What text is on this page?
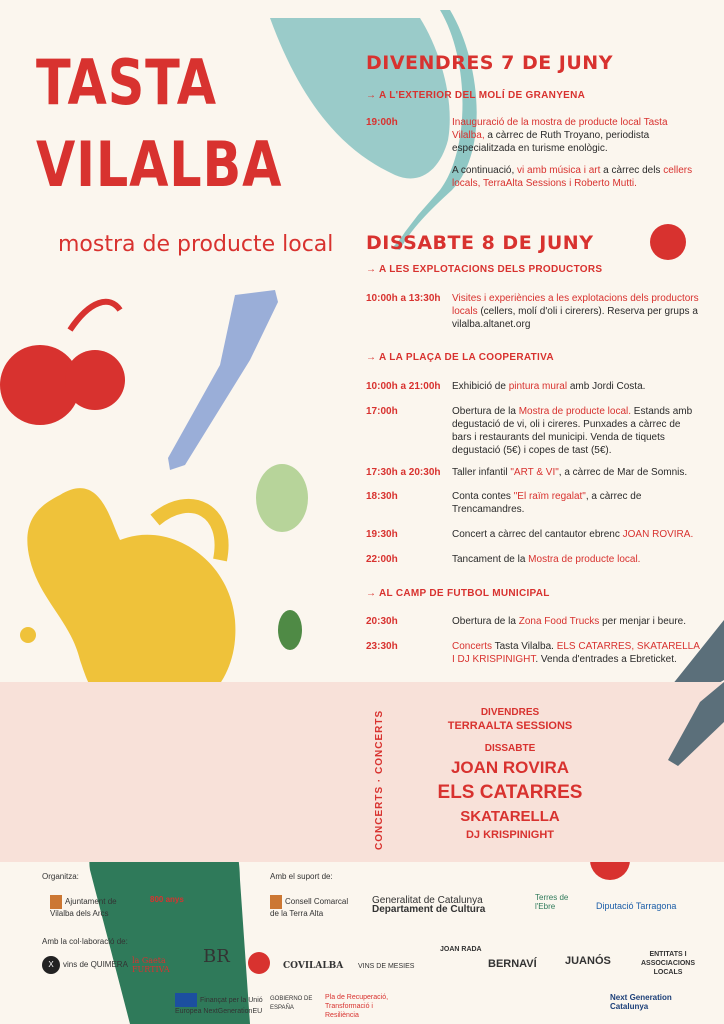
TASTA
VILALBA
mostra de producte local
DIVENDRES 7 DE JUNY
→ A L'EXTERIOR DEL MOLÍ DE GRANYENA
19:00h	Inauguració de la mostra de producte local Tasta Vilalba, a càrrec de Ruth Troyano, periodista especialitzada en turisme enològic.
A continuació, vi amb música i art a càrrec dels cellers locals, TerraAlta Sessions i Roberto Mutti.
DISSABTE 8 DE JUNY
→ A LES EXPLOTACIONS DELS PRODUCTORS
10:00h a 13:30h	Visites i experiències a les explotacions dels productors locals (cellers, molí d'oli i cirerers). Reserva per grups a vilalba.altanet.org
→ A LA PLAÇA DE LA COOPERATIVA
10:00h a 21:00h	Exhibició de pintura mural amb Jordi Costa.
17:00h	Obertura de la Mostra de producte local. Estands amb degustació de vi, oli i cireres. Punxades a càrrec de bars i restaurants del municipi. Venda de tiquets degustació (5€) i copes de tast (5€).
17:30h a 20:30h	Taller infantil "ART & VI", a càrrec de Mar de Somnis.
18:30h	Conta contes "El raïm regalat", a càrrec de Trencamandres.
19:30h	Concert a càrrec del cantautor ebrenc JOAN ROVIRA.
22:00h	Tancament de la Mostra de producte local.
→ AL CAMP DE FUTBOL MUNICIPAL
20:30h	Obertura de la Zona Food Trucks per menjar i beure.
23:30h	Concerts Tasta Vilalba. ELS CATARRES, SKATARELLA I DJ KRISPINIGHT. Venda d'entrades a Ebreticket.
CONCERTS · CONCERTS	DIVENDRES
TERRAALTA SESSIONS
DISSABTE
JOAN ROVIRA
ELS CATARRES
SKATARELLA
DJ KRISPINIGHT
Organitza:	Amb el suport de:
Amb la col·laboració de:
Ajuntament de Vilalba dels Arcs
800 anys	Consell Comarcal de la Terra Alta
Generalitat de Catalunya
Departament de Cultura
Terres de l'Ebre	Diputació Tarragona
X vins de QUIMERA la Gaeta FURTIVA
BR	COVILALBA VINS DE MESIES
JOAN RADA
BERNAVÍ	JUANÓS
ENTITATS I ASSOCIACIONS LOCALS
Finançat per la Unió Europea NextGenerationEU
GOBIERNO DE ESPAÑA
Pla de Recuperació, Transformació i Resiliència
Next Generation Catalunya
